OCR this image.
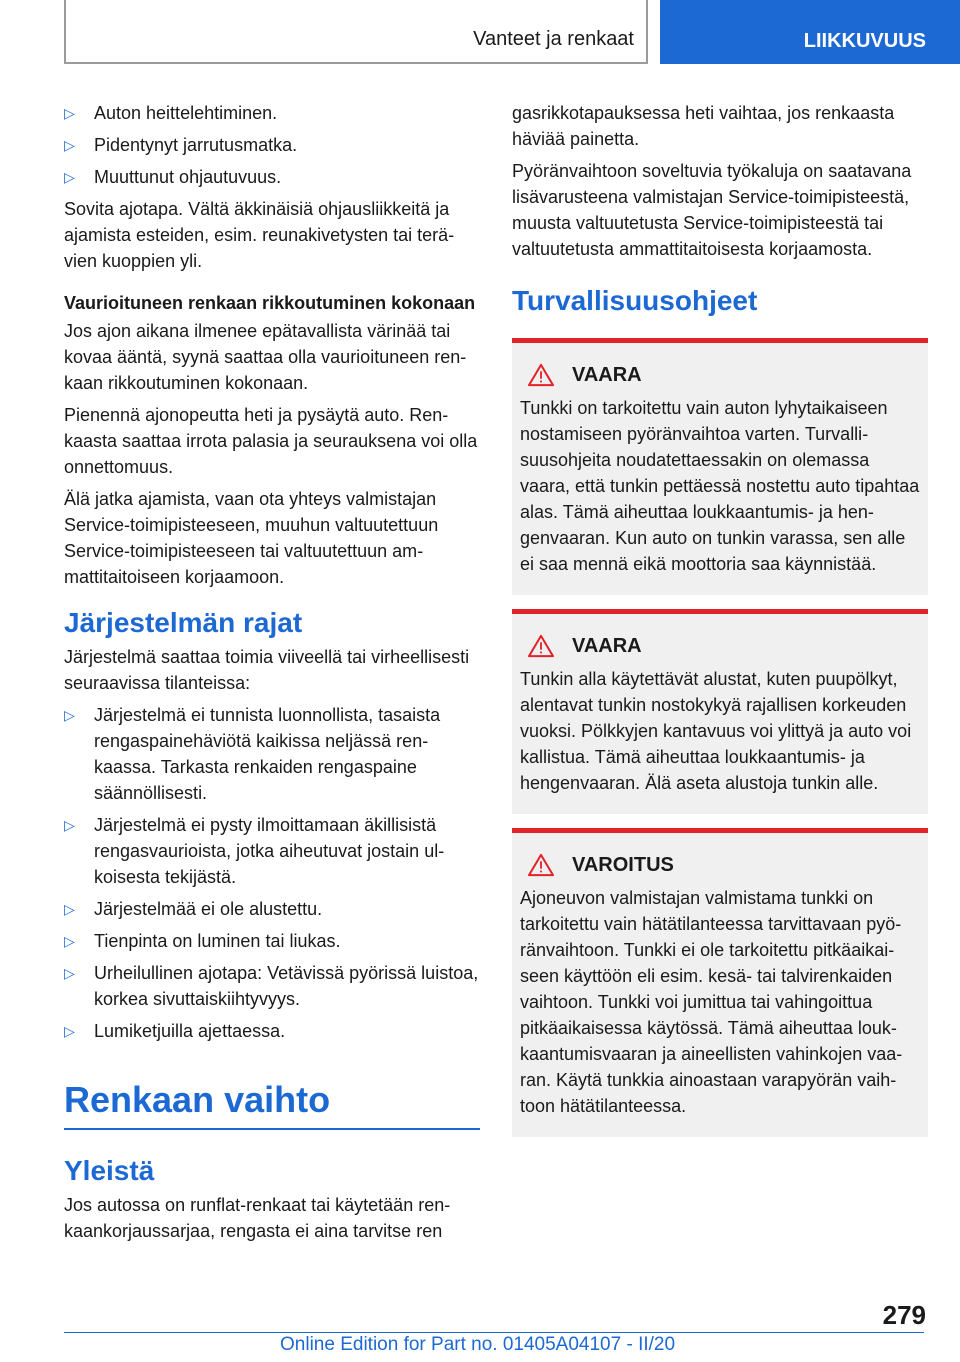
Vanteet ja renkaat	LIIKKUVUUS
▷ Auton heittelehtiminen.
▷ Pidentynyt jarrutusmatka.
▷ Muuttunut ohjautuvuus.

Sovita ajotapa. Vältä äkkinäisiä ohjausliikkeitä ja ajamista esteiden, esim. reunakivetysten tai terävien kuoppien yli.

Vaurioituneen renkaan rikkoutuminen kokonaan

Jos ajon aikana ilmenee epätavallista värinää tai kovaa ääntä, syynä saattaa olla vaurioituneen renkaan rikkoutuminen kokonaan.

Pienennä ajonopeutta heti ja pysäytä auto. Renkaasta saattaa irrota palasia ja seurauksena voi olla onnettomuus.

Älä jatka ajamista, vaan ota yhteys valmistajan Service-toimipisteeseen, muuhun valtuutettuun Service-toimipisteeseen tai valtuutettuun ammattitaitoiseen korjaamoon.

Järjestelmän rajat

Järjestelmä saattaa toimia viiveellä tai virheellisesti seuraavissa tilanteissa:

▷ Järjestelmä ei tunnista luonnollista, tasaista rengaspainehäviötä kaikissa neljässä renkaassa. Tarkasta renkaiden rengaspaine säännöllisesti.
▷ Järjestelmä ei pysty ilmoittamaan äkillisistä rengasvaurioista, jotka aiheutuvat jostain ulkoisesta tekijästä.
▷ Järjestelmää ei ole alustettu.
▷ Tienpinta on luminen tai liukas.
▷ Urheilullinen ajotapa: Vetävissä pyörissä luistoa, korkea sivuttaiskiihtyvyys.
▷ Lumiketjuilla ajettaessa.
Renkaan vaihto
Yleistä

Jos autossa on runflat-renkaat tai käytetään renkaankorjaussarjaa, rengasta ei aina tarvitse ren

gasrikkotapauksessa heti vaihtaa, jos renkaasta häviää painetta.

Pyöränvaihtoon soveltuvia työkaluja on saatavana lisävarusteena valmistajan Service-toimipisteestä, muusta valtuutetusta Service-toimipisteestä tai valtuutetusta ammattitaitoisesta korjaamosta.

Turvallisuusohjeet
VAARA

Tunkki on tarkoitettu vain auton lyhytaikaiseen nostamiseen pyöränvaihtoa varten. Turvallisuusohjeita noudatettaessakin on olemassa vaara, että tunkin pettäessä nostettu auto tipahtaa alas. Tämä aiheuttaa loukkaantumis- ja hengenvaaran. Kun auto on tunkin varassa, sen alle ei saa mennä eikä moottoria saa käynnistää.

VAARA

Tunkin alla käytettävät alustat, kuten puupölkyt, alentavat tunkin nostokykyä rajallisen korkeuden vuoksi. Pölkkyjen kantavuus voi ylittyä ja auto voi kallistua. Tämä aiheuttaa loukkaantumis- ja hengenvaaran. Älä aseta alustoja tunkin alle.

VAROITUS

Ajoneuvon valmistajan valmistama tunkki on tarkoitettu vain hätätilanteessa tarvittavaan pyöränvaihtoon. Tunkki ei ole tarkoitettu pitkäaikaiseen käyttöön eli esim. kesä- tai talvirenkaiden vaihtoon. Tunkki voi jumittua tai vahingoittua pitkäaikaisessa käytössä. Tämä aiheuttaa loukkaantumisvaaran ja aineellisten vahinkojen vaaran. Käytä tunkkia ainoastaan varapyörän vaihtoon hätätilanteessa.

279
Online Edition for Part no. 01405A04107 - II/20
